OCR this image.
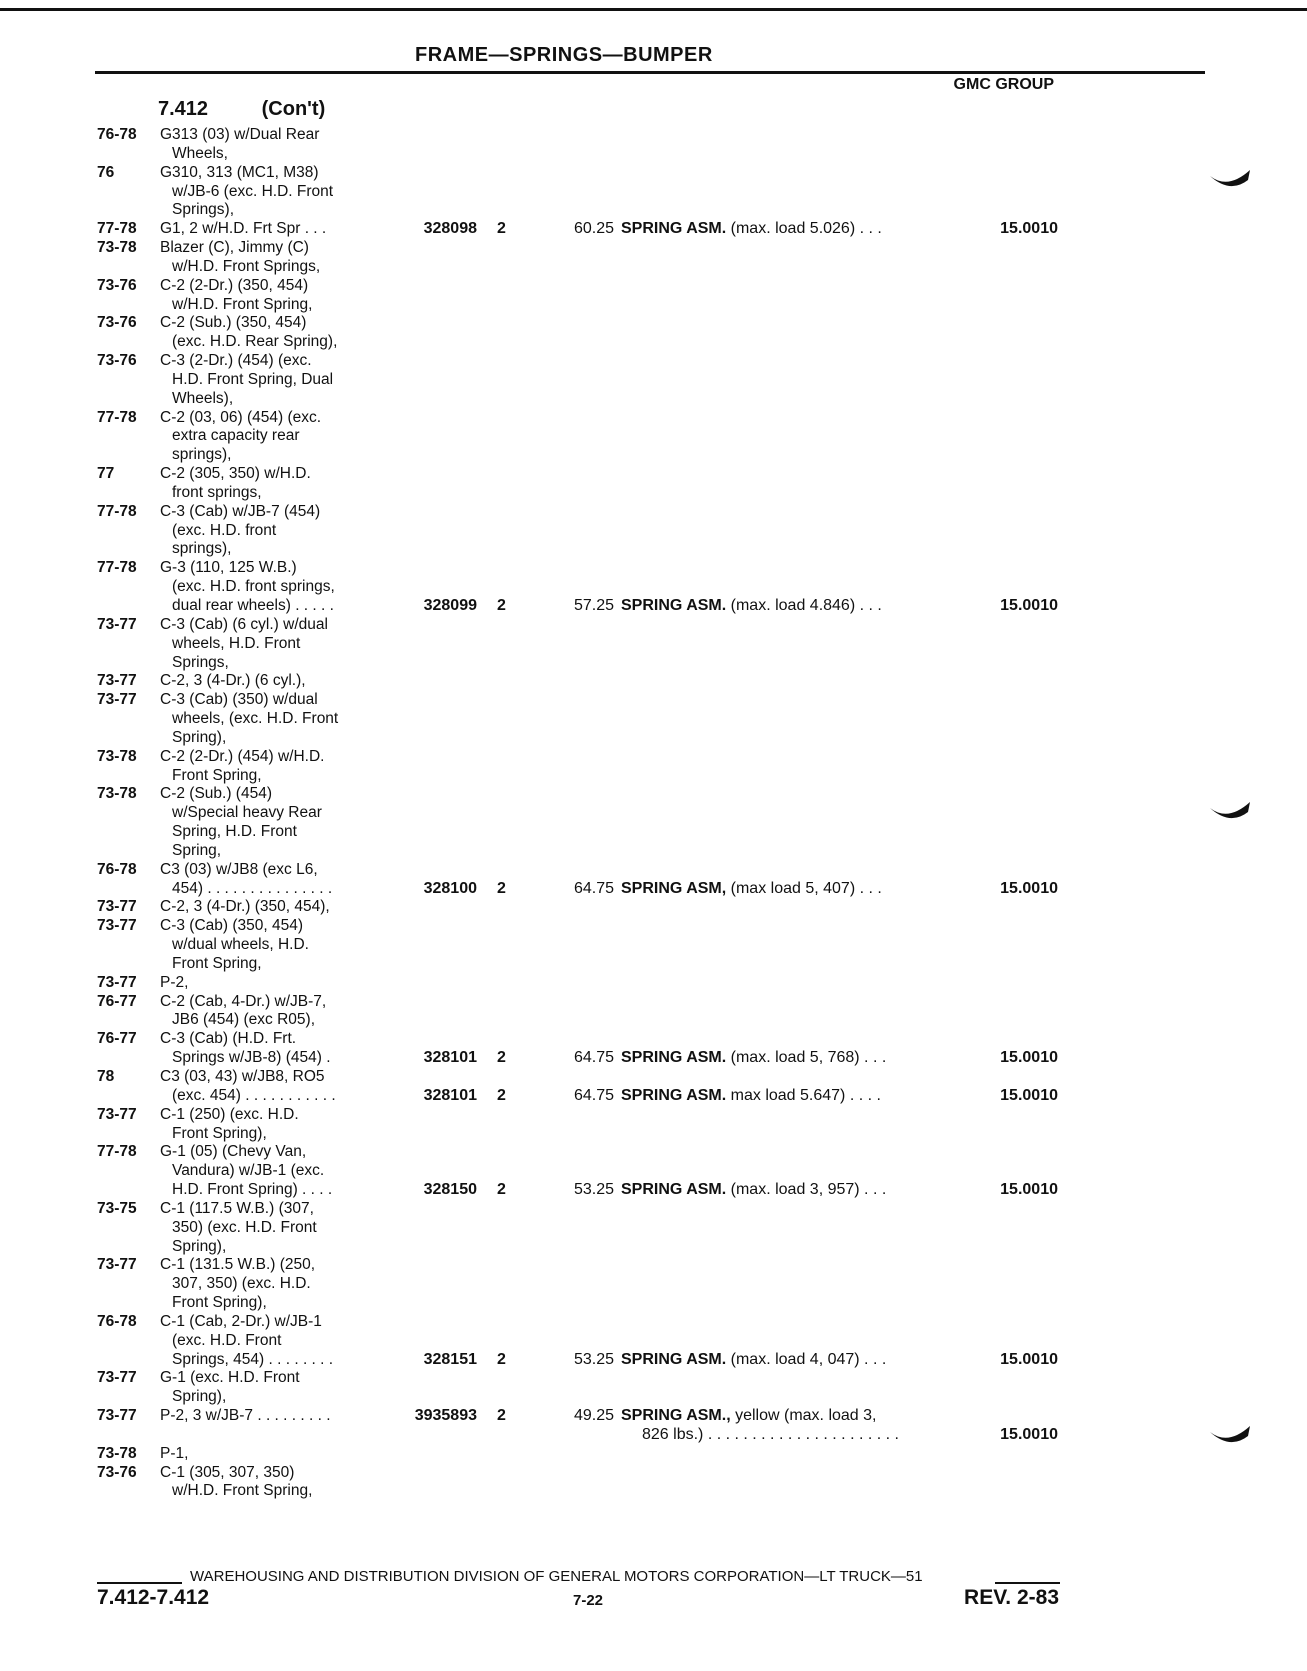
FRAME—SPRINGS—BUMPER
GMC GROUP
7.412	(Con't)
76-78 G313 (03) w/Dual Rear
Wheels,
76	G310, 313 (MC1, M38)
w/JB-6 (exc. H.D. Front
Springs),
77-78 G1, 2 w/H.D. Frt Spr . . .	328098 2	60.25 SPRING ASM. (max. load 5.026) . . .	15.0010
73-78 Blazer (C), Jimmy (C)
w/H.D. Front Springs,
73-76 C-2 (2-Dr.) (350, 454)
w/H.D. Front Spring,
73-76 C-2 (Sub.) (350, 454)
(exc. H.D. Rear Spring),
73-76 C-3 (2-Dr.) (454) (exc.
H.D. Front Spring, Dual
Wheels),
77-78 C-2 (03, 06) (454) (exc.
extra capacity rear
springs),
77	C-2 (305, 350) w/H.D.
front springs,
77-78 C-3 (Cab) w/JB-7 (454)
(exc. H.D. front
springs),
77-78 G-3 (110, 125 W.B.)
(exc. H.D. front springs,
dual rear wheels) . . . . .	328099 2	57.25 SPRING ASM. (max. load 4.846) . . .	15.0010
73-77 C-3 (Cab) (6 cyl.) w/dual
wheels, H.D. Front
Springs,
73-77 C-2, 3 (4-Dr.) (6 cyl.),
73-77 C-3 (Cab) (350) w/dual
wheels, (exc. H.D. Front
Spring),
73-78 C-2 (2-Dr.) (454) w/H.D.
Front Spring,
73-78 C-2 (Sub.) (454)
w/Special heavy Rear
Spring, H.D. Front
Spring,
76-78 C3 (03) w/JB8 (exc L6,
454) . . . . . . . . . . . . . . .	328100 2	64.75 SPRING ASM, (max load 5, 407) . . .	15.0010
73-77 C-2, 3 (4-Dr.) (350, 454),
73-77 C-3 (Cab) (350, 454)
w/dual wheels, H.D.
Front Spring,
73-77 P-2,
76-77 C-2 (Cab, 4-Dr.) w/JB-7,
JB6 (454) (exc R05),
76-77 C-3 (Cab) (H.D. Frt.
Springs w/JB-8) (454) .	328101 2	64.75 SPRING ASM. (max. load 5, 768) . . .	15.0010
78	C3 (03, 43) w/JB8, RO5
(exc. 454) . . . . . . . . . . .	328101 2	64.75 SPRING ASM. max load 5.647) . . . .	15.0010
73-77 C-1 (250) (exc. H.D.
Front Spring),
77-78 G-1 (05) (Chevy Van,
Vandura) w/JB-1 (exc.
H.D. Front Spring) . . . .	328150 2	53.25 SPRING ASM. (max. load 3, 957) . . .	15.0010
73-75 C-1 (117.5 W.B.) (307,
350) (exc. H.D. Front
Spring),
73-77 C-1 (131.5 W.B.) (250,
307, 350) (exc. H.D.
Front Spring),
76-78 C-1 (Cab, 2-Dr.) w/JB-1
(exc. H.D. Front
Springs, 454) . . . . . . . .	328151 2	53.25 SPRING ASM. (max. load 4, 047) . . .	15.0010
73-77 G-1 (exc. H.D. Front
Spring),
73-77 P-2, 3 w/JB-7 . . . . . . . . .	3935893 2	49.25 SPRING ASM., yellow (max. load 3,
826 lbs.) . . . . . . . . . . . . . . . . . . . . . .	15.0010
73-78 P-1,
73-76 C-1 (305, 307, 350)
w/H.D. Front Spring,
WAREHOUSING AND DISTRIBUTION DIVISION OF GENERAL MOTORS CORPORATION—LT TRUCK—51
7.412-7.412	7-22	REV. 2-83
